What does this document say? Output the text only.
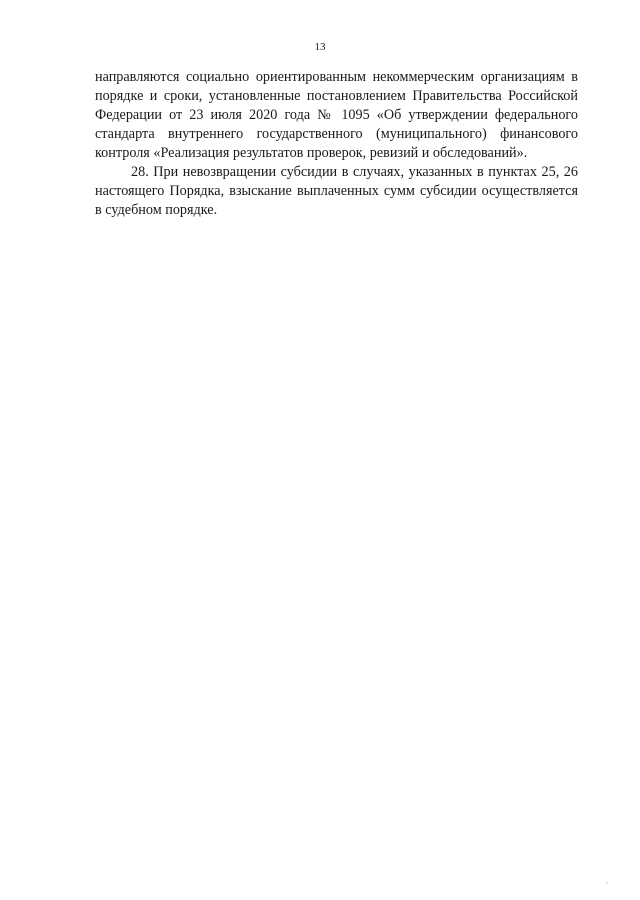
13

направляются социально ориентированным некоммерческим организациям в порядке и сроки, установленные постановлением Правительства Российской Федерации от 23 июля 2020 года № 1095 «Об утверждении федерального стандарта внутреннего государственного (муниципального) финансового контроля «Реализация результатов проверок, ревизий и обследований».

28. При невозвращении субсидии в случаях, указанных в пунктах 25, 26 настоящего Порядка, взыскание выплаченных сумм субсидии осуществляется в судебном порядке.
